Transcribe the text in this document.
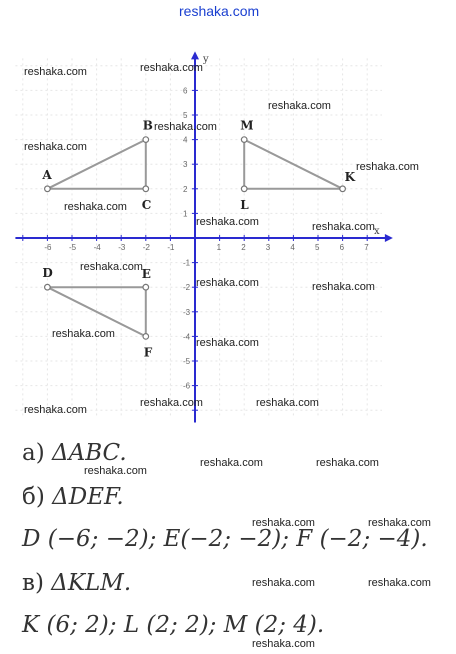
reshaka.com
-6 -5 -4 -3 -2 -1	1	2	3	4	5	6	7
6
5
4
3
2
1
-1
-2
-3
-4
-5
-6
A
B
C
D	E
F
K
L
M
x
y
reshaka.com	reshaka.com
reshaka.com
reshaka.com
reshaka.com
reshaka.com
reshaka.com
reshaka.com	reshaka.com
reshaka.com
reshaka.com	reshaka.com
reshaka.com
reshaka.com
reshaka.com
reshaka.com	reshaka.com
а) ΔABC.
reshaka.com
reshaka.com	reshaka.com
б) ΔDEF.
reshaka.com	reshaka.com
D (−6; −2); E(−2; −2); F (−2; −4).
в) ΔKLM.	reshaka.com	reshaka.com
K (6; 2); L (2; 2); M (2; 4).
reshaka.com
